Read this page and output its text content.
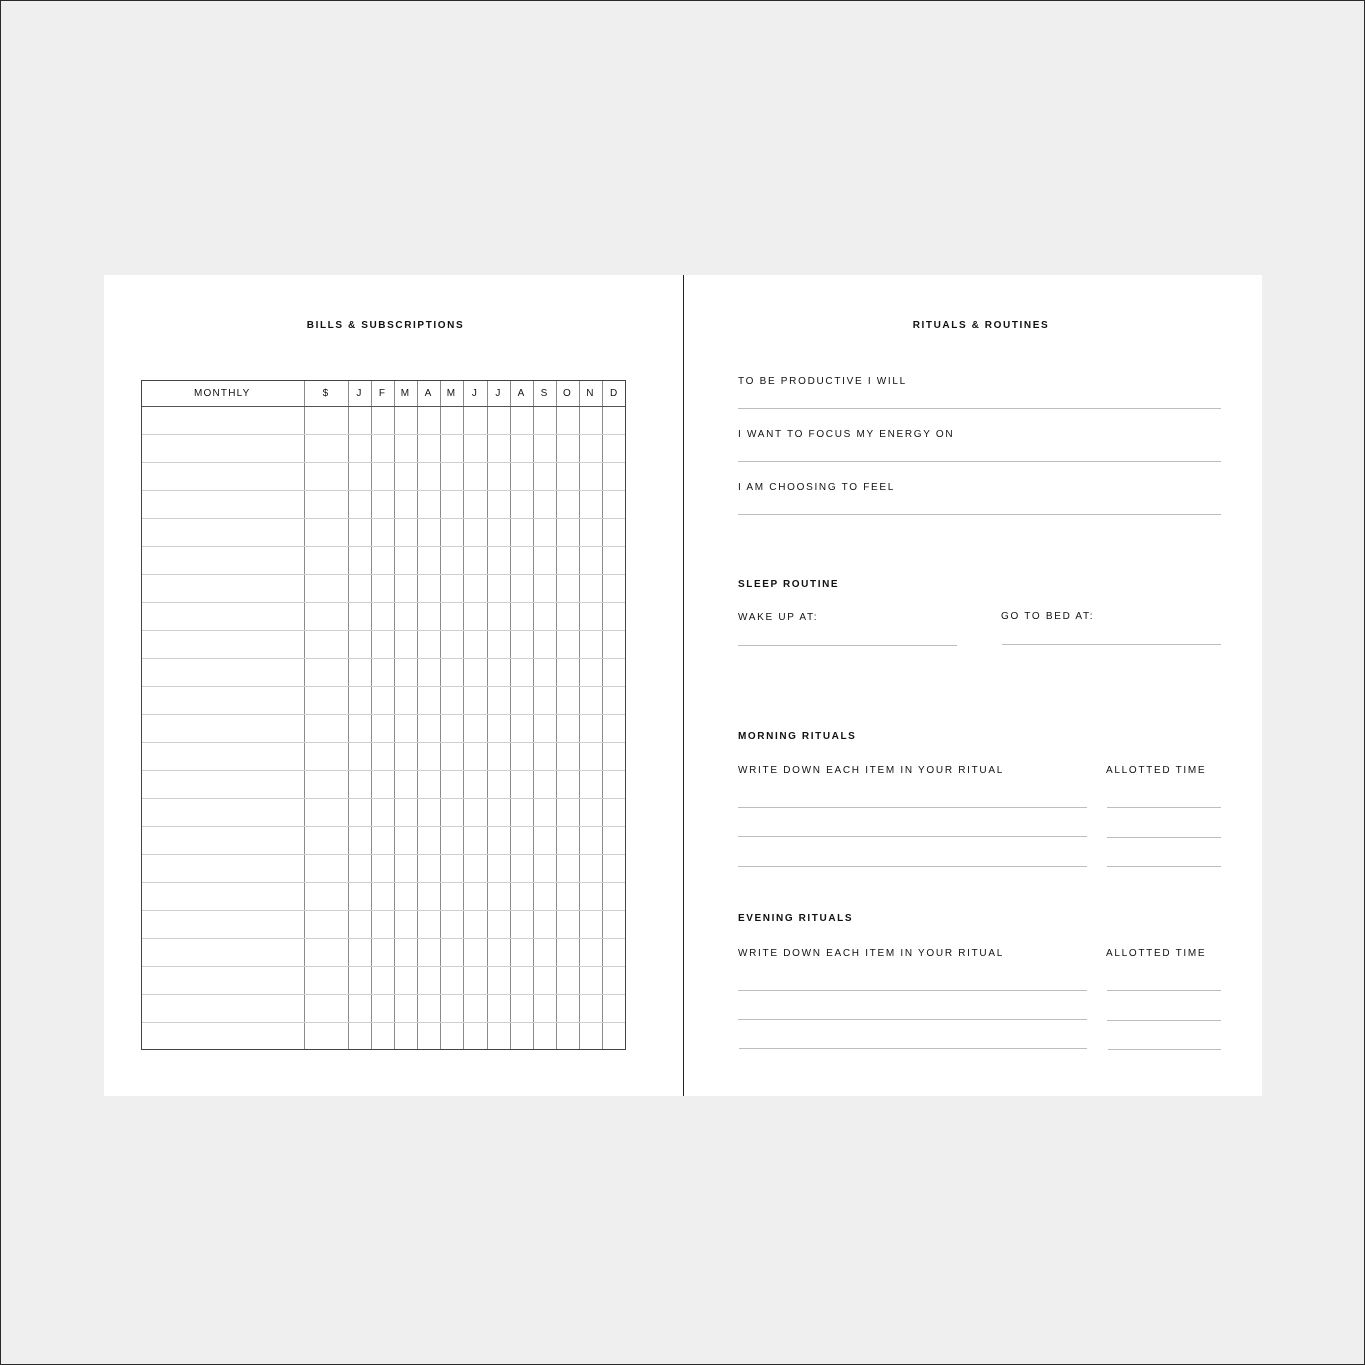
BILLS & SUBSCRIPTIONS
MONTHLY	$	J	F	M	A	M	J	J	A	S	O	N	D

RITUALS & ROUTINES
TO BE PRODUCTIVE I WILL
I WANT TO FOCUS MY ENERGY ON
I AM CHOOSING TO FEEL
SLEEP ROUTINE
WAKE UP AT:	GO TO BED AT:
MORNING RITUALS
WRITE DOWN EACH ITEM IN YOUR RITUAL	ALLOTTED TIME
EVENING RITUALS
WRITE DOWN EACH ITEM IN YOUR RITUAL	ALLOTTED TIME
